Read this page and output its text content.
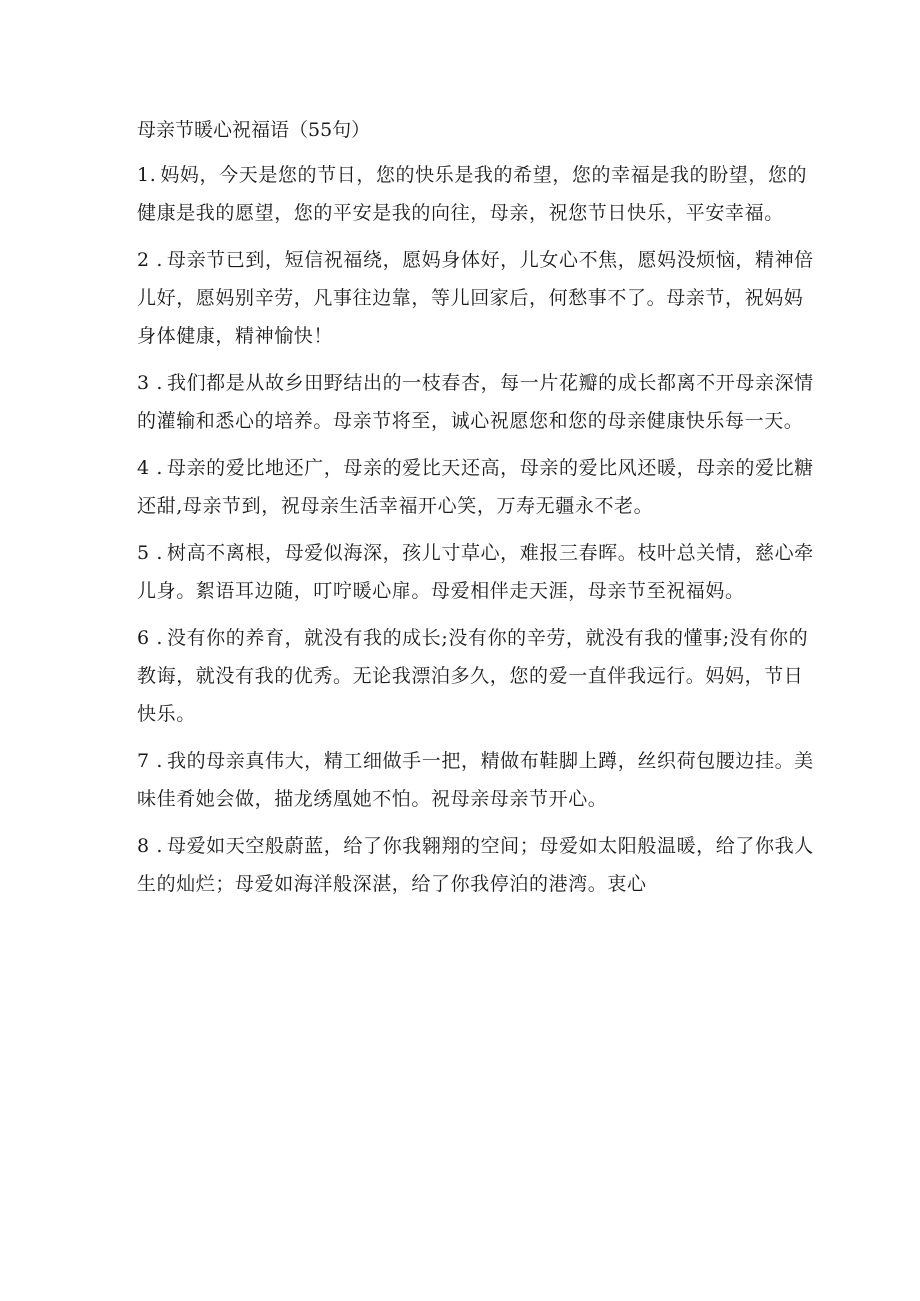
母亲节暖心祝福语（55句）
1. 妈妈，今天是您的节日，您的快乐是我的希望，您的幸福是我的盼望，您的健康是我的愿望，您的平安是我的向往，母亲，祝您节日快乐，平安幸福。
2 . 母亲节已到，短信祝福绕，愿妈身体好，儿女心不焦，愿妈没烦恼，精神倍儿好，愿妈别辛劳，凡事往边靠，等儿回家后，何愁事不了。母亲节，祝妈妈身体健康，精神愉快！
3 . 我们都是从故乡田野结出的一枝春杏，每一片花瓣的成长都离不开母亲深情的灌输和悉心的培养。母亲节将至，诚心祝愿您和您的母亲健康快乐每一天。
4 . 母亲的爱比地还广，母亲的爱比天还高，母亲的爱比风还暖，母亲的爱比糖还甜,母亲节到，祝母亲生活幸福开心笑，万寿无疆永不老。
5 . 树高不离根，母爱似海深，孩儿寸草心，难报三春晖。枝叶总关情，慈心牵儿身。絮语耳边随，叮咛暖心扉。母爱相伴走天涯，母亲节至祝福妈。
6 . 没有你的养育，就没有我的成长;没有你的辛劳，就没有我的懂事;没有你的教诲，就没有我的优秀。无论我漂泊多久，您的爱一直伴我远行。妈妈，节日快乐。
7 . 我的母亲真伟大，精工细做手一把，精做布鞋脚上蹲，丝织荷包腰边挂。美味佳肴她会做，描龙绣凰她不怕。祝母亲母亲节开心。
8 . 母爱如天空般蔚蓝，给了你我翱翔的空间；母爱如太阳般温暖，给了你我人生的灿烂；母爱如海洋般深湛，给了你我停泊的港湾。衷心
